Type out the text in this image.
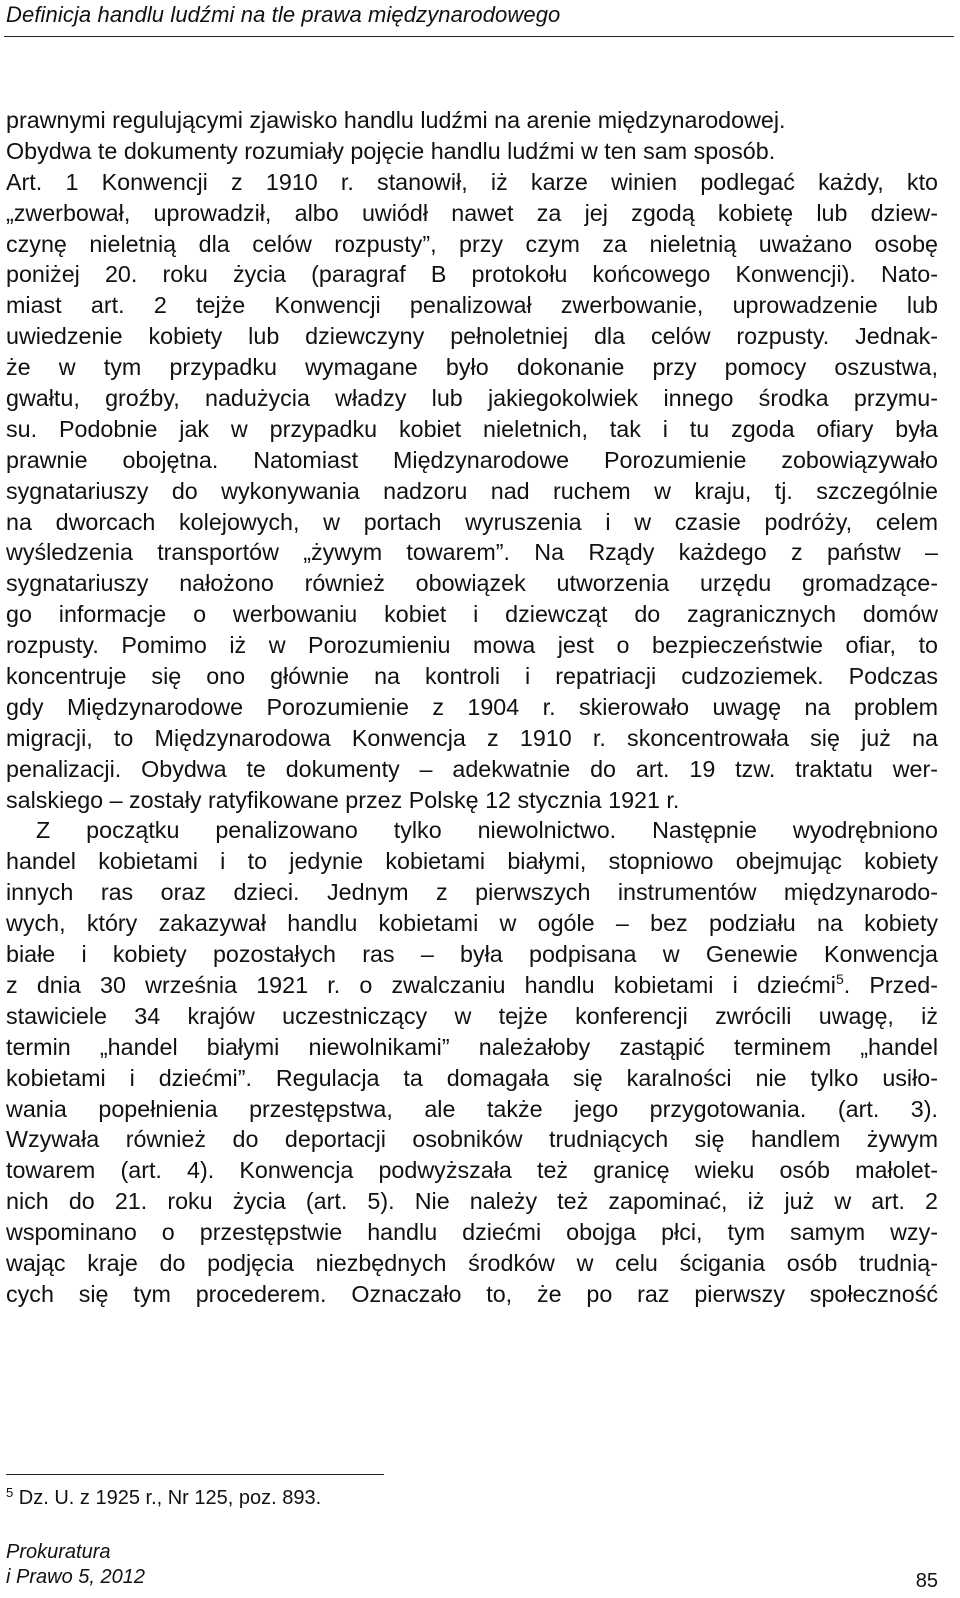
Definicja handlu ludźmi na tle prawa międzynarodowego
prawnymi regulującymi zjawisko handlu ludźmi na arenie międzynarodowej.
Obydwa te dokumenty rozumiały pojęcie handlu ludźmi w ten sam sposób.
Art. 1 Konwencji z 1910 r. stanowił, iż karze winien podlegać każdy, kto
„zwerbował, uprowadził, albo uwiódł nawet za jej zgodą kobietę lub dziew-
czynę nieletnią dla celów rozpusty”, przy czym za nieletnią uważano osobę
poniżej 20. roku życia (paragraf B protokołu końcowego Konwencji). Nato-
miast art. 2 tejże Konwencji penalizował zwerbowanie, uprowadzenie lub
uwiedzenie kobiety lub dziewczyny pełnoletniej dla celów rozpusty. Jednak-
że w tym przypadku wymagane było dokonanie przy pomocy oszustwa,
gwałtu, groźby, nadużycia władzy lub jakiegokolwiek innego środka przymu-
su. Podobnie jak w przypadku kobiet nieletnich, tak i tu zgoda ofiary była
prawnie obojętna. Natomiast Międzynarodowe Porozumienie zobowiązywało
sygnatariuszy do wykonywania nadzoru nad ruchem w kraju, tj. szczególnie
na dworcach kolejowych, w portach wyruszenia i w czasie podróży, celem
wyśledzenia transportów „żywym towarem”. Na Rządy każdego z państw –
sygnatariuszy nałożono również obowiązek utworzenia urzędu gromadzące-
go informacje o werbowaniu kobiet i dziewcząt do zagranicznych domów
rozpusty. Pomimo iż w Porozumieniu mowa jest o bezpieczeństwie ofiar, to
koncentruje się ono głównie na kontroli i repatriacji cudzoziemek. Podczas
gdy Międzynarodowe Porozumienie z 1904 r. skierowało uwagę na problem
migracji, to Międzynarodowa Konwencja z 1910 r. skoncentrowała się już na
penalizacji. Obydwa te dokumenty – adekwatnie do art. 19 tzw. traktatu wer-
salskiego – zostały ratyfikowane przez Polskę 12 stycznia 1921 r.
Z początku penalizowano tylko niewolnictwo. Następnie wyodrębniono
handel kobietami i to jedynie kobietami białymi, stopniowo obejmując kobiety
innych ras oraz dzieci. Jednym z pierwszych instrumentów międzynarodo-
wych, który zakazywał handlu kobietami w ogóle – bez podziału na kobiety
białe i kobiety pozostałych ras – była podpisana w Genewie Konwencja
z dnia 30 września 1921 r. o zwalczaniu handlu kobietami i dziećmi$^5$. Przed-
stawiciele 34 krajów uczestniczący w tejże konferencji zwrócili uwagę, iż
termin „handel białymi niewolnikami” należałoby zastąpić terminem „handel
kobietami i dziećmi”. Regulacja ta domagała się karalności nie tylko usiło-
wania popełnienia przestępstwa, ale także jego przygotowania. (art. 3).
Wzywała również do deportacji osobników trudniących się handlem żywym
towarem (art. 4). Konwencja podwyższała też granicę wieku osób małolet-
nich do 21. roku życia (art. 5). Nie należy też zapominać, iż już w art. 2
wspominano o przestępstwie handlu dziećmi obojga płci, tym samym wzy-
wając kraje do podjęcia niezbędnych środków w celu ścigania osób trudnią-
cych się tym procederem. Oznaczało to, że po raz pierwszy społeczność
$^5$ Dz. U. z 1925 r., Nr 125, poz. 893.
Prokuratura
i Prawo 5, 2012	85
